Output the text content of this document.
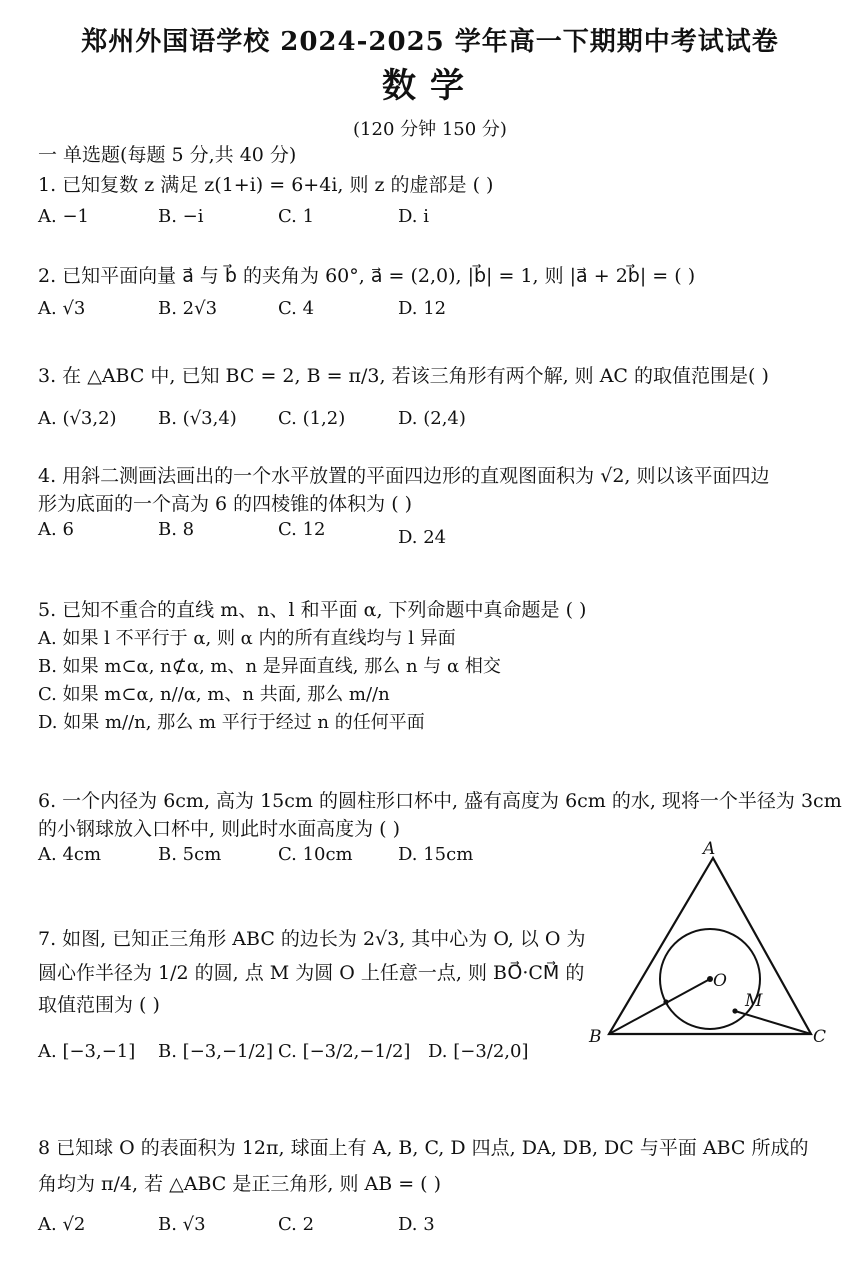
郑州外国语学校 2024-2025 学年高一下期期中考试试卷
数学
(120 分钟 150 分)
一 单选题(每题 5 分,共 40 分)
1. 已知复数 z 满足 z(1+i) = 6+4i, 则 z 的虚部是 ( )
A. −1	B. −i	C. 1	D. i
2. 已知平面向量 a⃗ 与 b⃗ 的夹角为 60°, a⃗ = (2,0), |b⃗| = 1, 则 |a⃗ + 2b⃗| = ( )
A. √3	B. 2√3	C. 4	D. 12
3. 在 △ABC 中, 已知 BC = 2, B = π/3, 若该三角形有两个解, 则 AC 的取值范围是( )
A. (√3,2) B. (√3,4) C. (1,2)	D. (2,4)
4. 用斜二测画法画出的一个水平放置的平面四边形的直观图面积为 √2, 则以该平面四边
形为底面的一个高为 6 的四棱锥的体积为 ( )
A. 6	B. 8	C. 12	D. 24
5. 已知不重合的直线 m、n、l 和平面 α, 下列命题中真命题是 ( )
A. 如果 l 不平行于 α, 则 α 内的所有直线均与 l 异面
B. 如果 m⊂α, n⊄α, m、n 是异面直线, 那么 n 与 α 相交
C. 如果 m⊂α, n//α, m、n 共面, 那么 m//n
D. 如果 m//n, 那么 m 平行于经过 n 的任何平面
6. 一个内径为 6cm, 高为 15cm 的圆柱形口杯中, 盛有高度为 6cm 的水, 现将一个半径为 3cm
的小钢球放入口杯中, 则此时水面高度为 ( )
A. 4cm	B. 5cm	C. 10cm	D. 15cm
7. 如图, 已知正三角形 ABC 的边长为 2√3, 其中心为 O, 以 O 为
圆心作半径为 1/2 的圆, 点 M 为圆 O 上任意一点, 则 BO⃗·CM⃗ 的
取值范围为 ( )
A. [−3,−1] B. [−3,−1/2] C. [−3/2,−1/2] D. [−3/2,0]
A
B	C
O
M
8 已知球 O 的表面积为 12π, 球面上有 A, B, C, D 四点, DA, DB, DC 与平面 ABC 所成的
角均为 π/4, 若 △ABC 是正三角形, 则 AB = ( )
A. √2	B. √3	C. 2	D. 3
